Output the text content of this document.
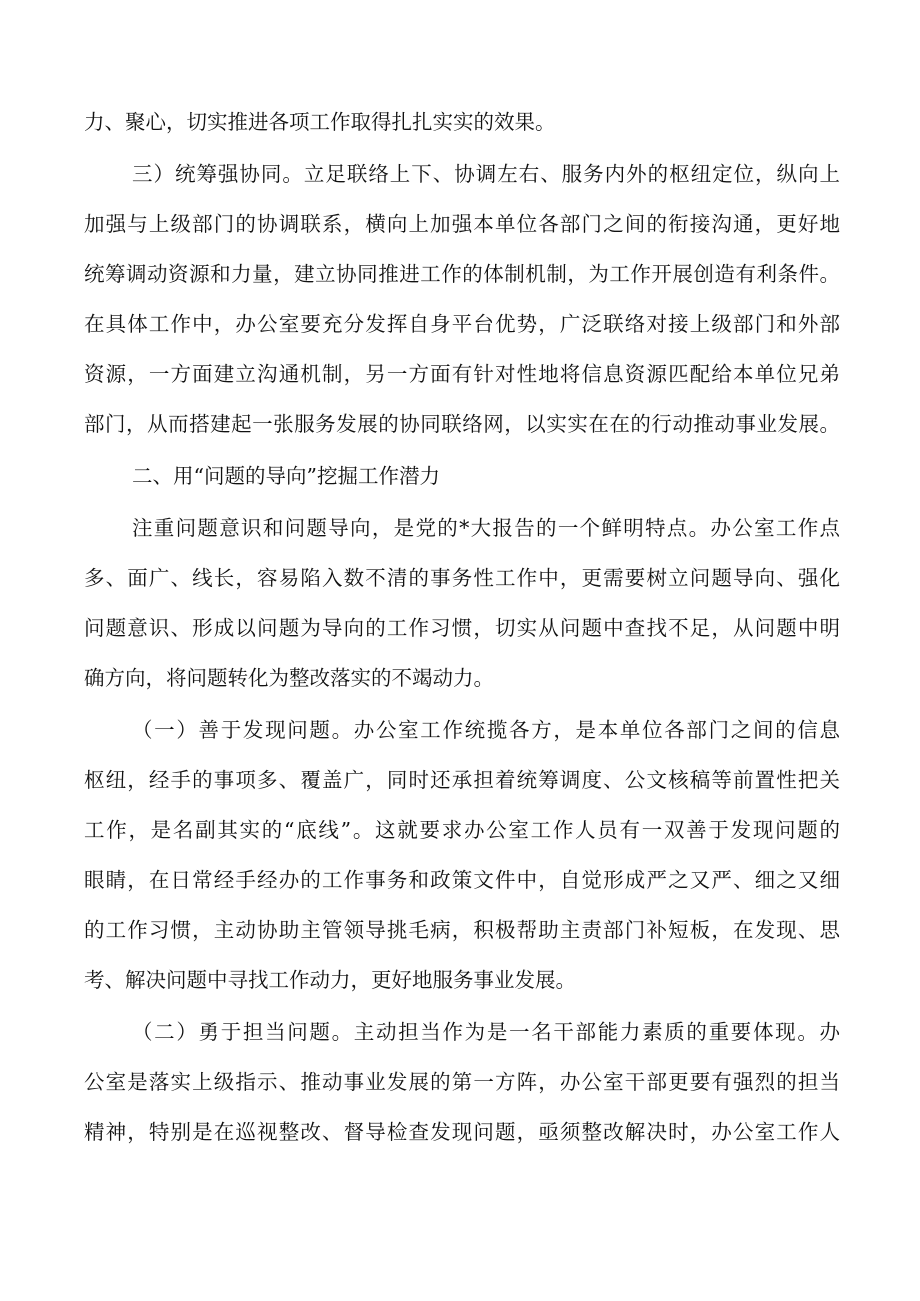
力、聚心，切实推进各项工作取得扎扎实实的效果。
三）统筹强协同。立足联络上下、协调左右、服务内外的枢纽定位，纵向上
加强与上级部门的协调联系，横向上加强本单位各部门之间的衔接沟通，更好地
统筹调动资源和力量，建立协同推进工作的体制机制，为工作开展创造有利条件。
在具体工作中，办公室要充分发挥自身平台优势，广泛联络对接上级部门和外部
资源，一方面建立沟通机制，另一方面有针对性地将信息资源匹配给本单位兄弟
部门，从而搭建起一张服务发展的协同联络网，以实实在在的行动推动事业发展。
二、用“问题的导向”挖掘工作潜力
注重问题意识和问题导向，是党的*大报告的一个鲜明特点。办公室工作点
多、面广、线长，容易陷入数不清的事务性工作中，更需要树立问题导向、强化
问题意识、形成以问题为导向的工作习惯，切实从问题中查找不足，从问题中明
确方向，将问题转化为整改落实的不竭动力。
（一）善于发现问题。办公室工作统揽各方，是本单位各部门之间的信息
枢纽，经手的事项多、覆盖广，同时还承担着统筹调度、公文核稿等前置性把关
工作，是名副其实的“底线”。这就要求办公室工作人员有一双善于发现问题的
眼睛，在日常经手经办的工作事务和政策文件中，自觉形成严之又严、细之又细
的工作习惯，主动协助主管领导挑毛病，积极帮助主责部门补短板，在发现、思
考、解决问题中寻找工作动力，更好地服务事业发展。
（二）勇于担当问题。主动担当作为是一名干部能力素质的重要体现。办
公室是落实上级指示、推动事业发展的第一方阵，办公室干部更要有强烈的担当
精神，特别是在巡视整改、督导检查发现问题，亟须整改解决时，办公室工作人
